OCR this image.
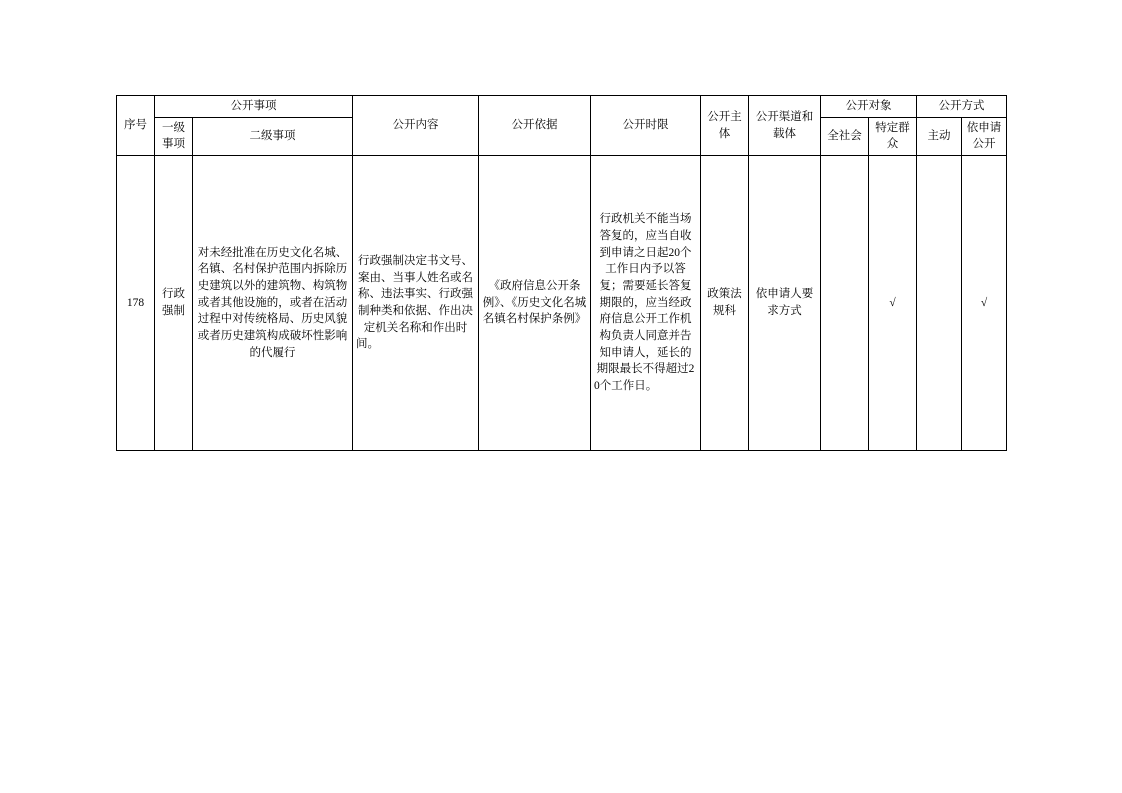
序号	公开事项		公开内容	公开依据	公开时限	公开主体	公开渠道和载体	公开对象		公开方式	
	一级事项	二级事项						全社会	特定群众	主动	依申请公开
178	行政强制	对未经批准在历史文化名城、名镇、名村保护范围内拆除历史建筑以外的建筑物、构筑物或者其他设施的，或者在活动过程中对传统格局、历史风貌或者历史建筑构成破坏性影响的代履行	行政强制决定书文号、案由、当事人姓名或名称、违法事实、行政强制种类和依据、作出决定机关名称和作出时间。	《政府信息公开条例》、《历史文化名城名镇名村保护条例》	行政机关不能当场答复的，应当自收到申请之日起20个工作日内予以答复；需要延长答复期限的，应当经政府信息公开工作机构负责人同意并告知申请人，延长的期限最长不得超过20个工作日。	政策法规科	依申请人要求方式		√		√
